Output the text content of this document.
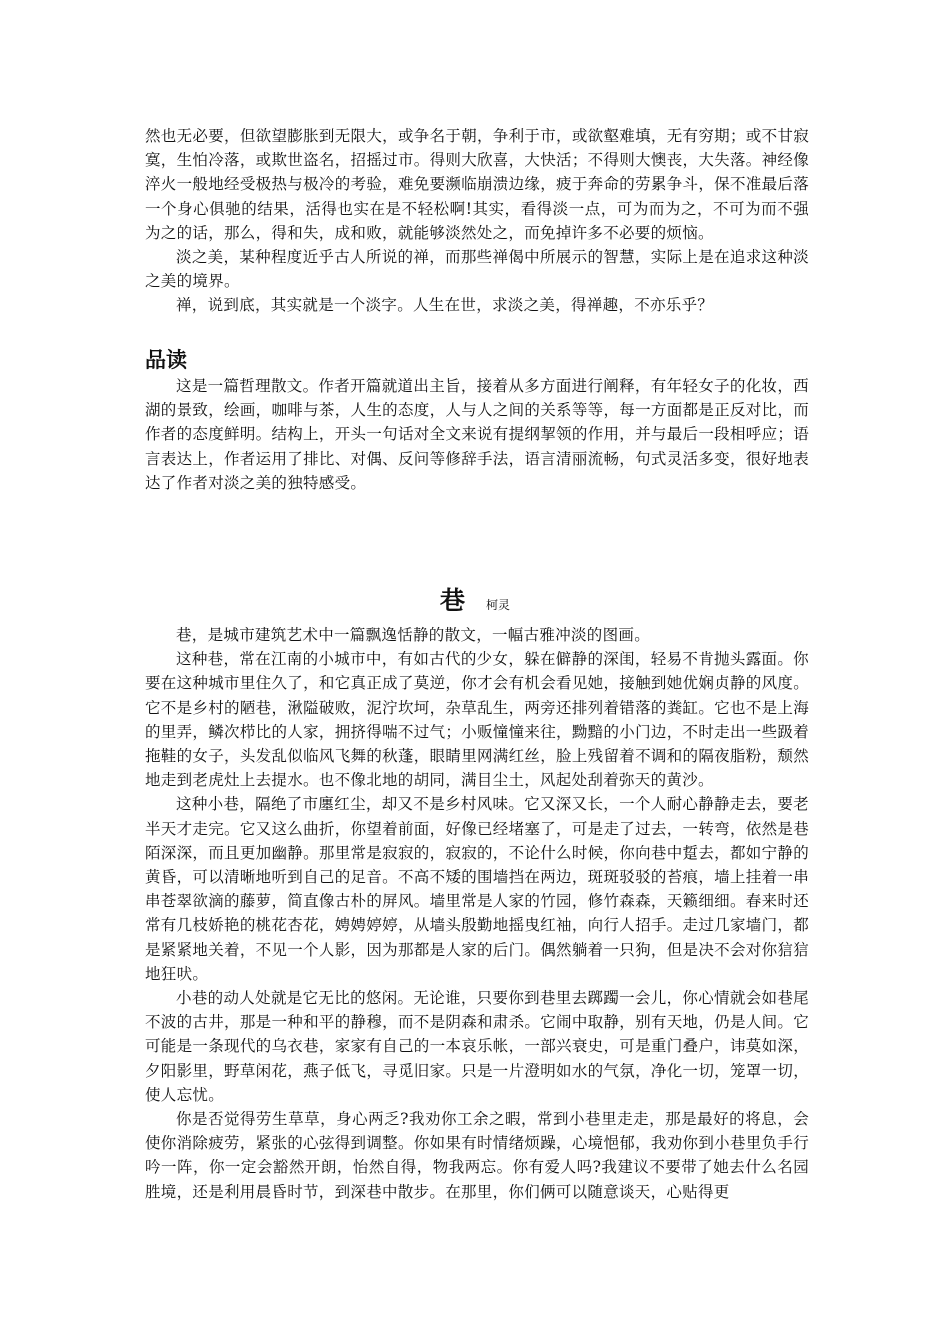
然也无必要，但欲望膨胀到无限大，或争名于朝，争利于市，或欲壑难填，无有穷期；或不甘寂寞，生怕冷落，或欺世盗名，招摇过市。得则大欣喜，大快活；不得则大懊丧，大失落。神经像淬火一般地经受极热与极冷的考验，难免要濒临崩溃边缘，疲于奔命的劳累争斗，保不准最后落一个身心俱驰的结果，活得也实在是不轻松啊!其实，看得淡一点，可为而为之，不可为而不强为之的话，那么，得和失，成和败，就能够淡然处之，而免掉许多不必要的烦恼。

淡之美，某种程度近乎古人所说的禅，而那些禅偈中所展示的智慧，实际上是在追求这种淡之美的境界。

禅，说到底，其实就是一个淡字。人生在世，求淡之美，得禅趣，不亦乐乎？

品读

这是一篇哲理散文。作者开篇就道出主旨，接着从多方面进行阐释，有年轻女子的化妆，西湖的景致，绘画，咖啡与茶，人生的态度，人与人之间的关系等等，每一方面都是正反对比，而作者的态度鲜明。结构上，开头一句话对全文来说有提纲挈领的作用，并与最后一段相呼应；语言表达上，作者运用了排比、对偶、反问等修辞手法，语言清丽流畅，句式灵活多变，很好地表达了作者对淡之美的独特感受。

巷 柯灵

巷，是城市建筑艺术中一篇飘逸恬静的散文，一幅古雅冲淡的图画。

这种巷，常在江南的小城市中，有如古代的少女，躲在僻静的深闺，轻易不肯抛头露面。你要在这种城市里住久了，和它真正成了莫逆，你才会有机会看见她，接触到她优娴贞静的风度。它不是乡村的陋巷，湫隘破败，泥泞坎坷，杂草乱生，两旁还排列着错落的粪缸。它也不是上海的里弄，鳞次栉比的人家，拥挤得喘不过气；小贩憧憧来往，黝黯的小门边，不时走出一些趿着拖鞋的女子，头发乱似临风飞舞的秋蓬，眼睛里网满红丝，脸上残留着不调和的隔夜脂粉，颓然地走到老虎灶上去提水。也不像北地的胡同，满目尘土，风起处刮着弥天的黄沙。

这种小巷，隔绝了市廛红尘，却又不是乡村风味。它又深又长，一个人耐心静静走去，要老半天才走完。它又这么曲折，你望着前面，好像已经堵塞了，可是走了过去，一转弯，依然是巷陌深深，而且更加幽静。那里常是寂寂的，寂寂的，不论什么时候，你向巷中踅去，都如宁静的黄昏，可以清晰地听到自己的足音。不高不矮的围墙挡在两边，斑斑驳驳的苔痕，墙上挂着一串串苍翠欲滴的藤萝，简直像古朴的屏风。墙里常是人家的竹园，修竹森森，天籁细细。春来时还常有几枝娇艳的桃花杏花，娉娉婷婷，从墙头殷勤地摇曳红袖，向行人招手。走过几家墙门，都是紧紧地关着，不见一个人影，因为那都是人家的后门。偶然躺着一只狗，但是决不会对你狺狺地狂吠。

小巷的动人处就是它无比的悠闲。无论谁，只要你到巷里去踯躅一会儿，你心情就会如巷尾不波的古井，那是一种和平的静穆，而不是阴森和肃杀。它闹中取静，别有天地，仍是人间。它可能是一条现代的乌衣巷，家家有自己的一本哀乐帐，一部兴衰史，可是重门叠户，讳莫如深，夕阳影里，野草闲花，燕子低飞，寻觅旧家。只是一片澄明如水的气氛，净化一切，笼罩一切，使人忘忧。

你是否觉得劳生草草，身心两乏?我劝你工余之暇，常到小巷里走走，那是最好的将息，会使你消除疲劳，紧张的心弦得到调整。你如果有时情绪烦躁，心境悒郁，我劝你到小巷里负手行吟一阵，你一定会豁然开朗，怡然自得，物我两忘。你有爱人吗?我建议不要带了她去什么名园胜境，还是利用晨昏时节，到深巷中散步。在那里，你们俩可以随意谈天，心贴得更
